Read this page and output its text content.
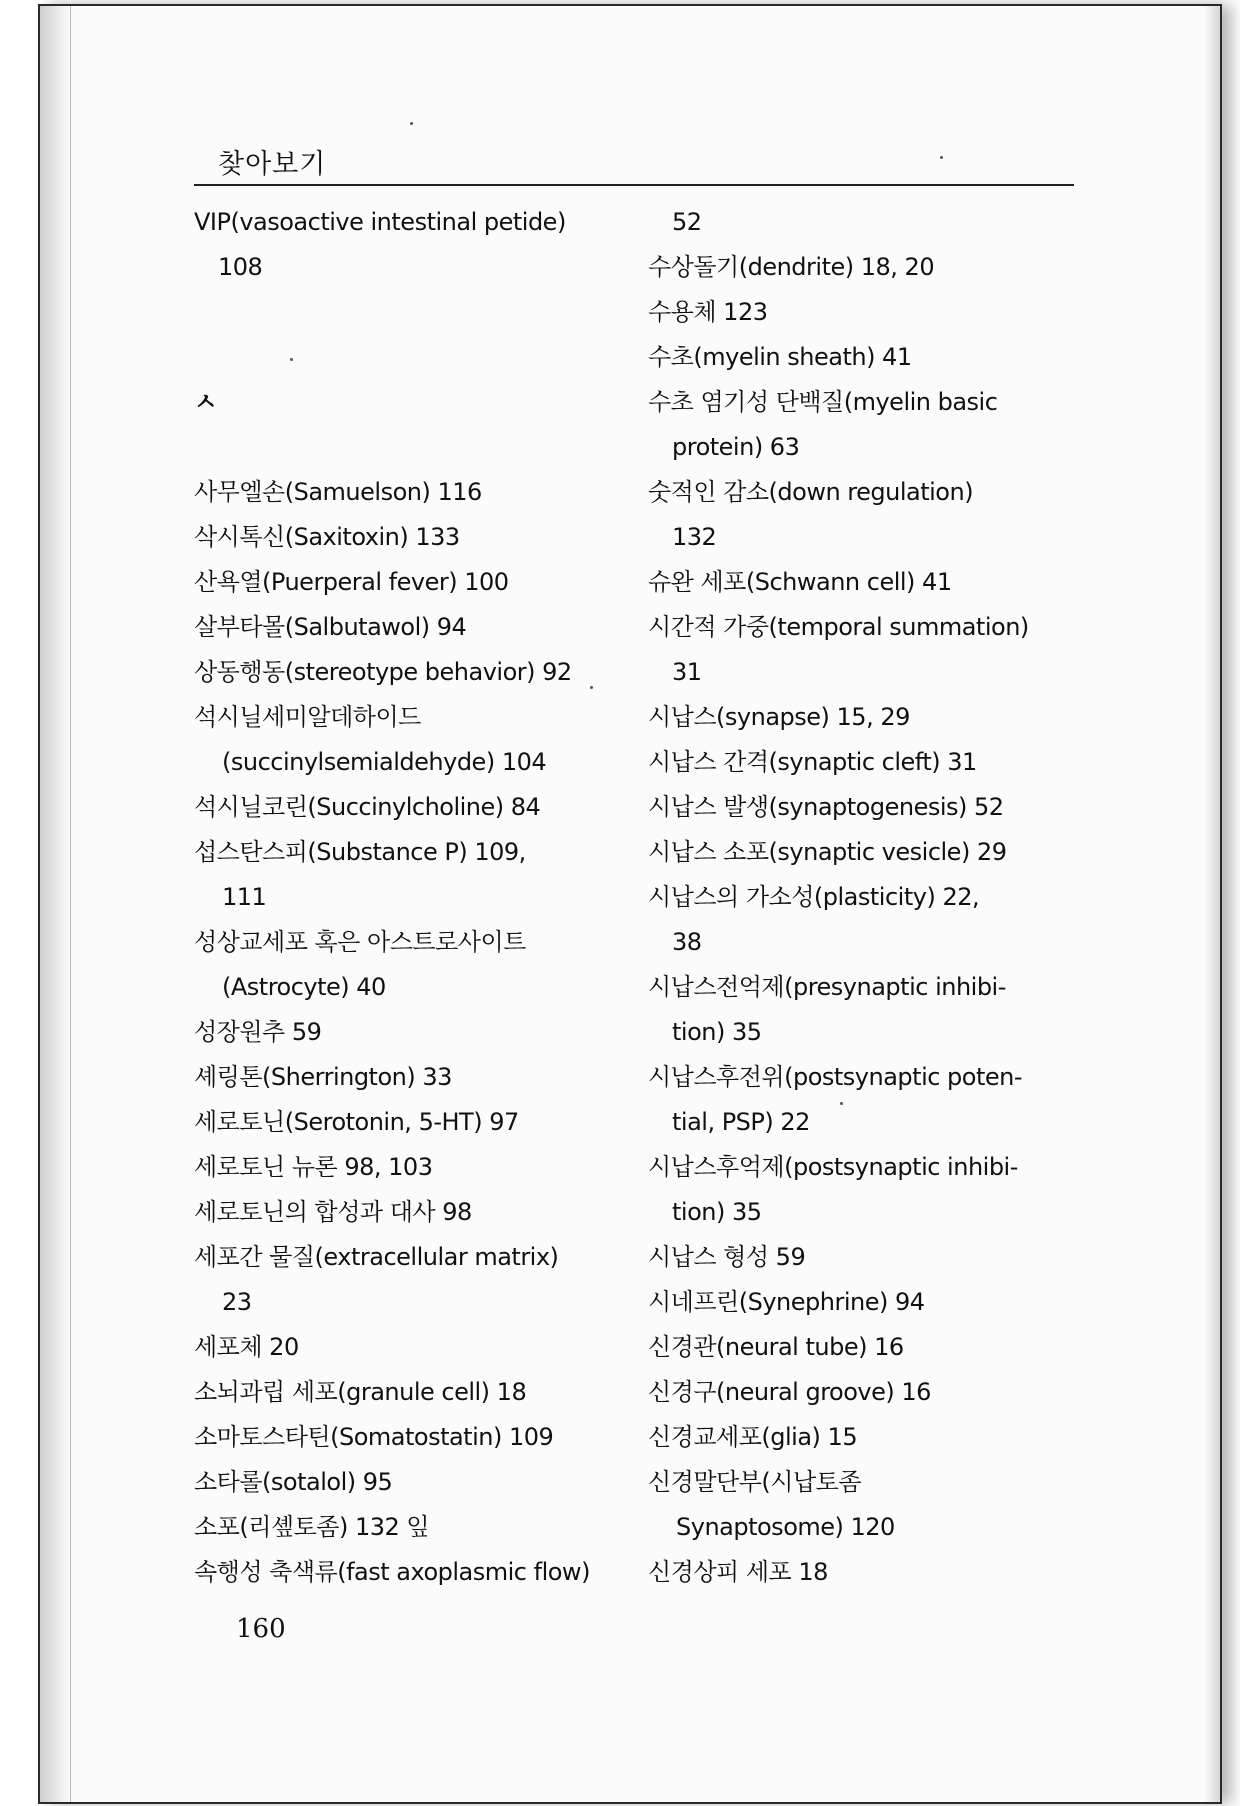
찾아보기
VIP(vasoactive intestinal petide)
108
ㅅ
사무엘손(Samuelson) 116
삭시톡신(Saxitoxin) 133
산욕열(Puerperal fever) 100
살부타몰(Salbutawol) 94
상동행동(stereotype behavior) 92
석시닐세미알데하이드
(succinylsemialdehyde) 104
석시닐코린(Succinylcholine) 84
섭스탄스피(Substance P) 109,
111
성상교세포 혹은 아스트로사이트
(Astrocyte) 40
성장원추 59
셰링톤(Sherrington) 33
세로토닌(Serotonin, 5-HT) 97
세로토닌 뉴론 98, 103
세로토닌의 합성과 대사 98
세포간 물질(extracellular matrix)
23
세포체 20
소뇌과립 세포(granule cell) 18
소마토스타틴(Somatostatin) 109
소타롤(sotalol) 95
소포(리솊토좀) 132 잎
속행성 축색류(fast axoplasmic flow)
52
수상돌기(dendrite) 18, 20
수용체 123
수초(myelin sheath) 41
수초 염기성 단백질(myelin basic
protein) 63
숫적인 감소(down regulation)
132
슈완 세포(Schwann cell) 41
시간적 가중(temporal summation)
31
시납스(synapse) 15, 29
시납스 간격(synaptic cleft) 31
시납스 발생(synaptogenesis) 52
시납스 소포(synaptic vesicle) 29
시납스의 가소성(plasticity) 22,
38
시납스전억제(presynaptic inhibi-
tion) 35
시납스후전위(postsynaptic poten-
tial, PSP) 22
시납스후억제(postsynaptic inhibi-
tion) 35
시납스 형성 59
시네프린(Synephrine) 94
신경관(neural tube) 16
신경구(neural groove) 16
신경교세포(glia) 15
신경말단부(시납토좀
Synaptosome) 120
신경상피 세포 18
160
